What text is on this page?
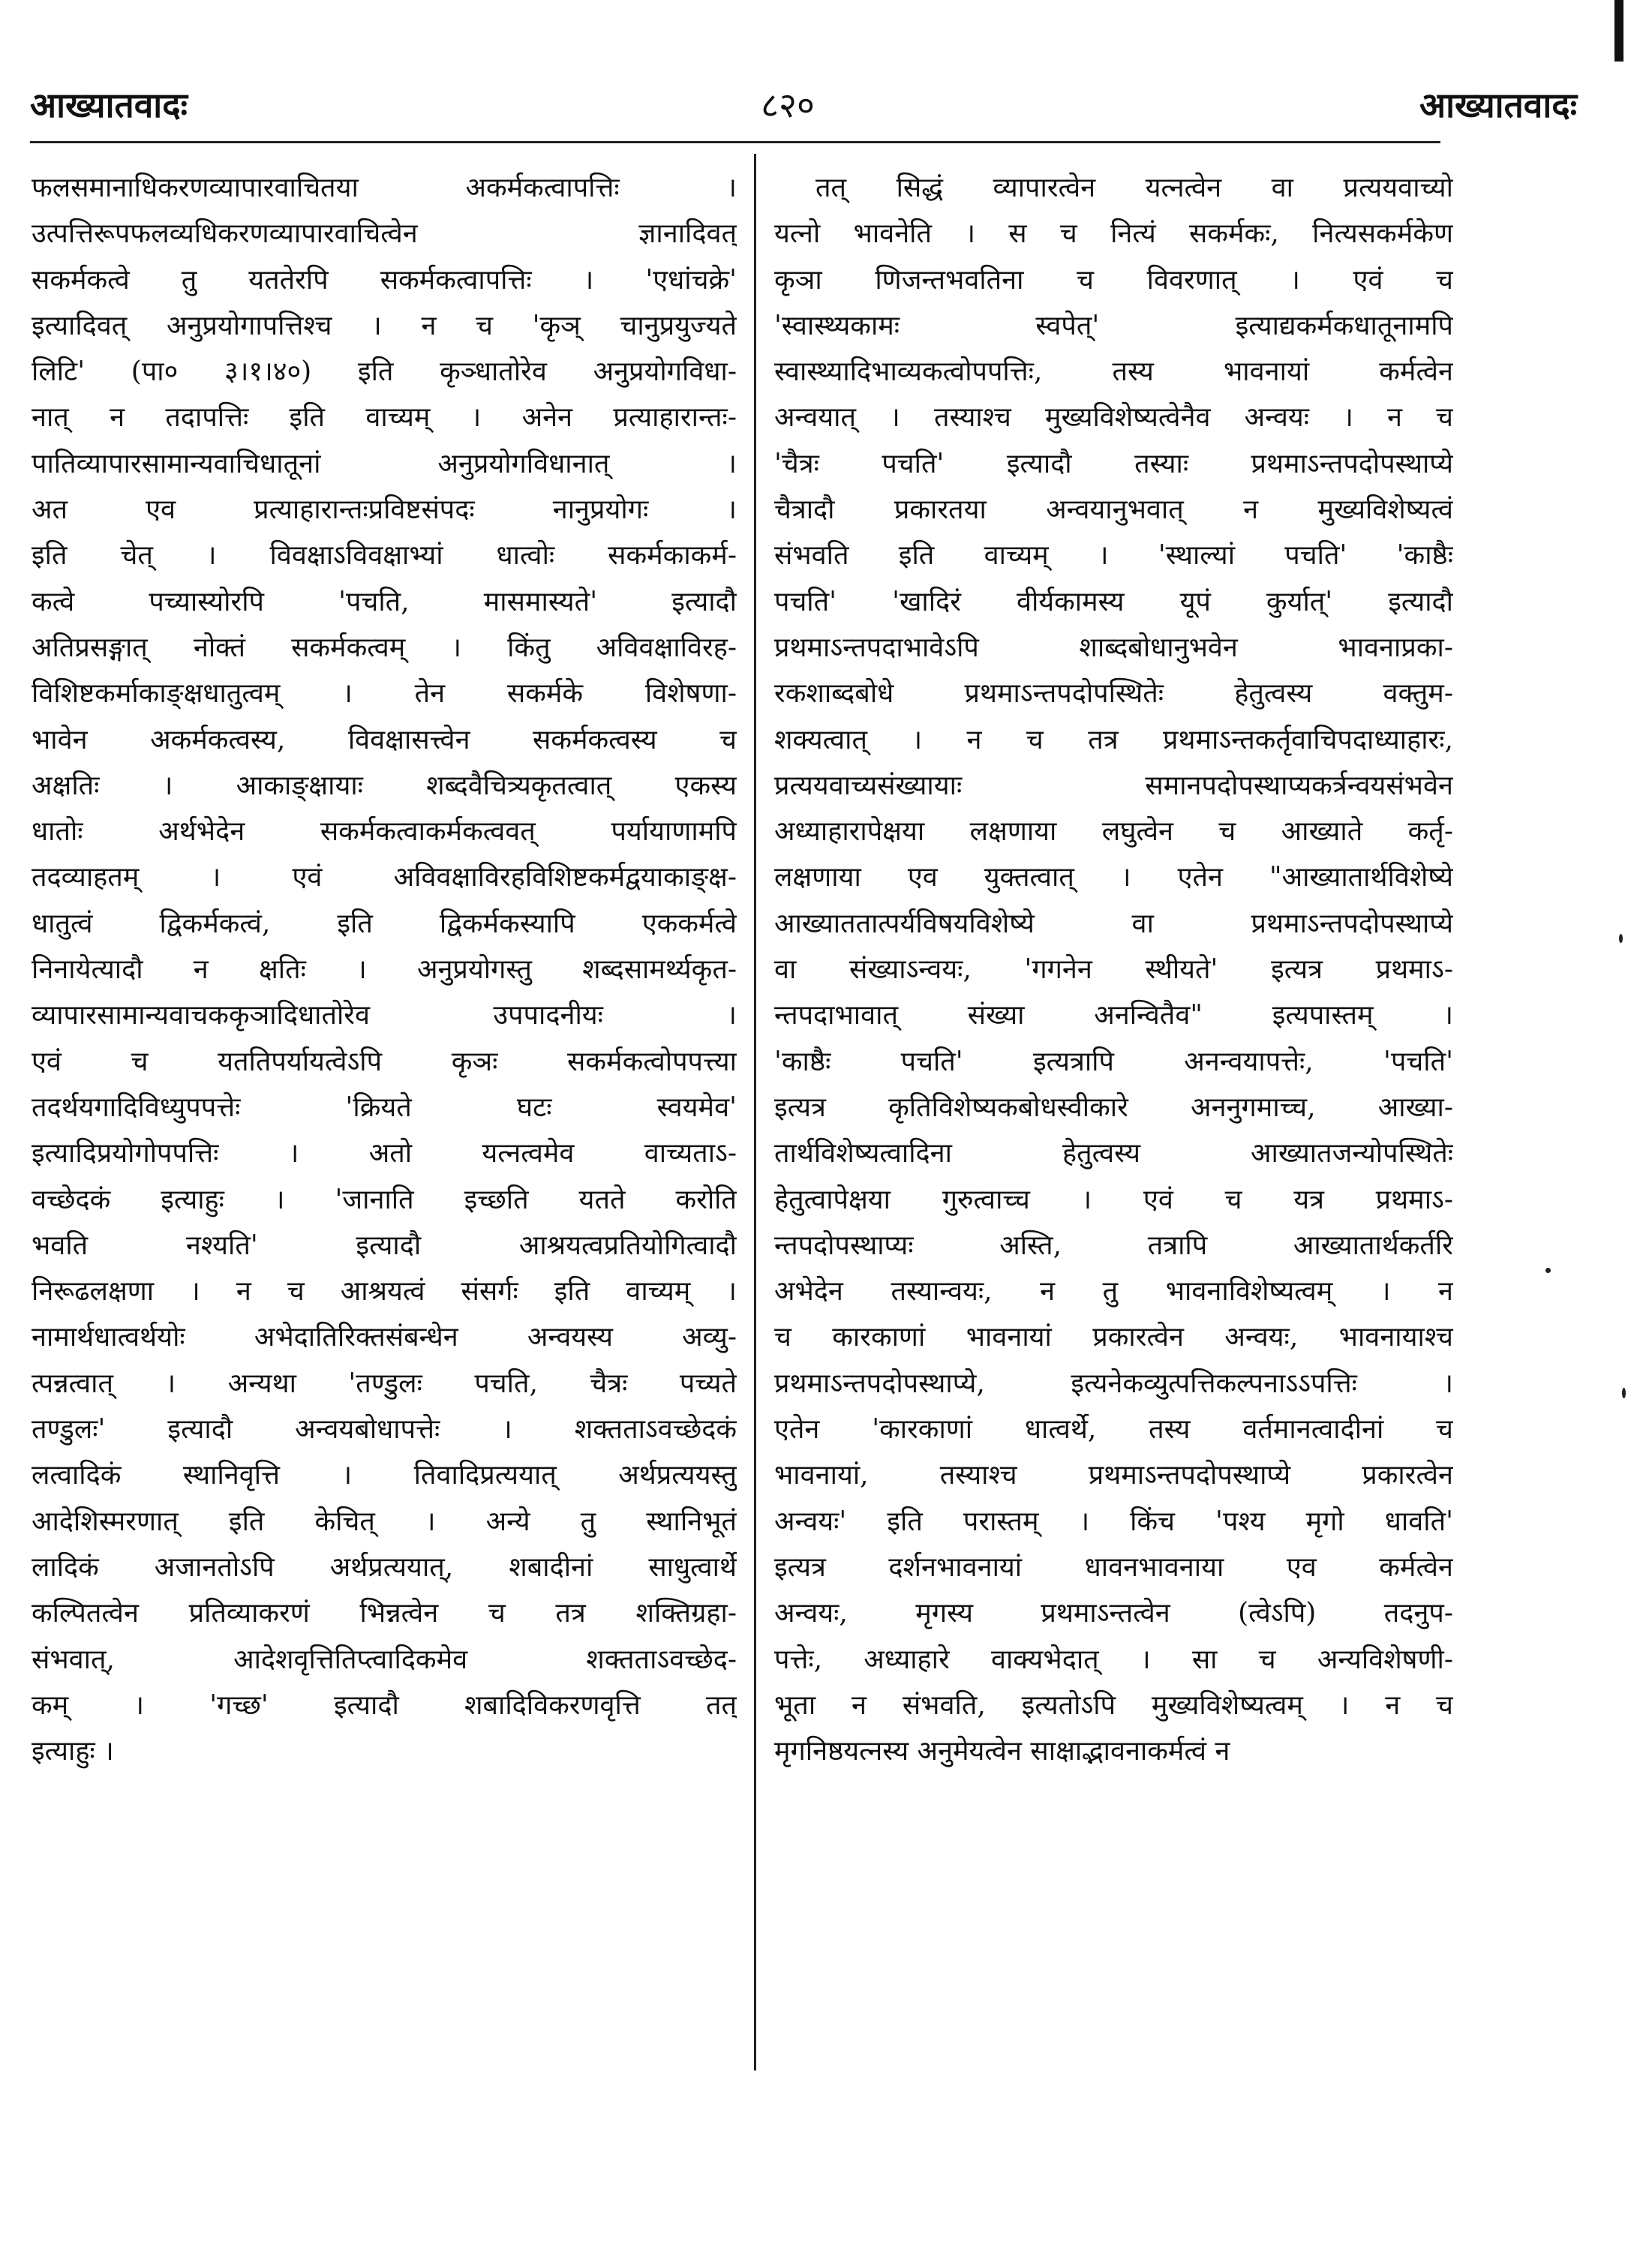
आख्यातवादः	८२०	आख्यातवादः
फलसमानाधिकरणव्यापारवाचितया अकर्मकत्वापत्तिः ।
उत्पत्तिरूपफलव्यधिकरणव्यापारवाचित्वेन ज्ञानादिवत्
सकर्मकत्वे तु यततेरपि सकर्मकत्वापत्तिः । 'एधांचक्रे'
इत्यादिवत् अनुप्रयोगापत्तिश्च । न च 'कृञ् चानुप्रयुज्यते
लिटि' (पा० ३।१।४०) इति कृञ्धातोरेव अनुप्रयोगविधा-
नात् न तदापत्तिः इति वाच्यम् । अनेन प्रत्याहारान्तः-
पातिव्यापारसामान्यवाचिधातूनां अनुप्रयोगविधानात् ।
अत एव प्रत्याहारान्तःप्रविष्टसंपदः नानुप्रयोगः ।
इति चेत् । विवक्षाऽविवक्षाभ्यां धात्वोः सकर्मकाकर्म-
कत्वे पच्यास्योरपि 'पचति, मासमास्यते' इत्यादौ
अतिप्रसङ्गात् नोक्तं सकर्मकत्वम् । किंतु अविवक्षाविरह-
विशिष्टकर्माकाङ्क्षधातुत्वम् । तेन सकर्मके विशेषणा-
भावेन अकर्मकत्वस्य, विवक्षासत्त्वेन सकर्मकत्वस्य च
अक्षतिः । आकाङ्क्षायाः शब्दवैचित्र्यकृतत्वात् एकस्य
धातोः अर्थभेदेन सकर्मकत्वाकर्मकत्ववत् पर्यायाणामपि
तदव्याहतम् । एवं अविवक्षाविरहविशिष्टकर्मद्वयाकाङ्क्ष-
धातुत्वं द्विकर्मकत्वं, इति द्विकर्मकस्यापि एककर्मत्वे
निनायेत्यादौ न क्षतिः । अनुप्रयोगस्तु शब्दसामर्थ्यकृत-
व्यापारसामान्यवाचककृञादिधातोरेव उपपादनीयः ।
एवं च यततिपर्यायत्वेऽपि कृञः सकर्मकत्वोपपत्त्या
तदर्थयगादिविध्युपपत्तेः 'क्रियते घटः स्वयमेव'
इत्यादिप्रयोगोपपत्तिः । अतो यत्नत्वमेव वाच्यताऽ-
वच्छेदकं इत्याहुः । 'जानाति इच्छति यतते करोति
भवति नश्यति' इत्यादौ आश्रयत्वप्रतियोगित्वादौ
निरूढलक्षणा । न च आश्रयत्वं संसर्गः इति वाच्यम् ।
नामार्थधात्वर्थयोः अभेदातिरिक्तसंबन्धेन अन्वयस्य अव्यु-
त्पन्नत्वात् । अन्यथा 'तण्डुलः पचति, चैत्रः पच्यते
तण्डुलः' इत्यादौ अन्वयबोधापत्तेः । शक्तताऽवच्छेदकं
लत्वादिकं स्थानिवृत्ति । तिवादिप्रत्ययात् अर्थप्रत्ययस्तु
आदेशिस्मरणात् इति केचित् । अन्ये तु स्थानिभूतं
लादिकं अजानतोऽपि अर्थप्रत्ययात्, शबादीनां साधुत्वार्थे
कल्पितत्वेन प्रतिव्याकरणं भिन्नत्वेन च तत्र शक्तिग्रहा-
संभवात्, आदेशवृत्तितिप्त्वादिकमेव शक्तताऽवच्छेद-
कम् । 'गच्छ' इत्यादौ शबादिविकरणवृत्ति तत्
इत्याहुः ।
तत् सिद्धं व्यापारत्वेन यत्नत्वेन वा प्रत्ययवाच्यो
यत्नो भावनेति । स च नित्यं सकर्मकः, नित्यसकर्मकेण
कृञा णिजन्तभवतिना च विवरणात् । एवं च
'स्वास्थ्यकामः स्वपेत्' इत्याद्यकर्मकधातूनामपि
स्वास्थ्यादिभाव्यकत्वोपपत्तिः, तस्य भावनायां कर्मत्वेन
अन्वयात् । तस्याश्च मुख्यविशेष्यत्वेनैव अन्वयः । न च
'चैत्रः पचति' इत्यादौ तस्याः प्रथमाऽन्तपदोपस्थाप्ये
चैत्रादौ प्रकारतया अन्वयानुभवात् न मुख्यविशेष्यत्वं
संभवति इति वाच्यम् । 'स्थाल्यां पचति' 'काष्ठैः
पचति' 'खादिरं वीर्यकामस्य यूपं कुर्यात्' इत्यादौ
प्रथमाऽन्तपदाभावेऽपि शाब्दबोधानुभवेन भावनाप्रका-
रकशाब्दबोधे प्रथमाऽन्तपदोपस्थितेः हेतुत्वस्य वक्तुम-
शक्यत्वात् । न च तत्र प्रथमाऽन्तकर्तृवाचिपदाध्याहारः,
प्रत्ययवाच्यसंख्यायाः समानपदोपस्थाप्यकर्त्रन्वयसंभवेन
अध्याहारापेक्षया लक्षणाया लघुत्वेन च आख्याते कर्तृ-
लक्षणाया एव युक्तत्वात् । एतेन "आख्यातार्थविशेष्ये
आख्याततात्पर्यविषयविशेष्ये वा प्रथमाऽन्तपदोपस्थाप्ये
वा संख्याऽन्वयः, 'गगनेन स्थीयते' इत्यत्र प्रथमाऽ-
न्तपदाभावात् संख्या अनन्वितैव" इत्यपास्तम् ।
'काष्ठैः पचति' इत्यत्रापि अनन्वयापत्तेः, 'पचति'
इत्यत्र कृतिविशेष्यकबोधस्वीकारे अननुगमाच्च, आख्या-
तार्थविशेष्यत्वादिना हेतुत्वस्य आख्यातजन्योपस्थितेः
हेतुत्वापेक्षया गुरुत्वाच्च । एवं च यत्र प्रथमाऽ-
न्तपदोपस्थाप्यः अस्ति, तत्रापि आख्यातार्थकर्तरि
अभेदेन तस्यान्वयः, न तु भावनाविशेष्यत्वम् । न
च कारकाणां भावनायां प्रकारत्वेन अन्वयः, भावनायाश्च
प्रथमाऽन्तपदोपस्थाप्ये, इत्यनेकव्युत्पत्तिकल्पनाऽऽपत्तिः ।
एतेन 'कारकाणां धात्वर्थे, तस्य वर्तमानत्वादीनां च
भावनायां, तस्याश्च प्रथमाऽन्तपदोपस्थाप्ये प्रकारत्वेन
अन्वयः' इति परास्तम् । किंच 'पश्य मृगो धावति'
इत्यत्र दर्शनभावनायां धावनभावनाया एव कर्मत्वेन
अन्वयः, मृगस्य प्रथमाऽन्तत्वेन (त्वेऽपि) तदनुप-
पत्तेः, अध्याहारे वाक्यभेदात् । सा च अन्यविशेषणी-
भूता न संभवति, इत्यतोऽपि मुख्यविशेष्यत्वम् । न च
मृगनिष्ठयत्नस्य अनुमेयत्वेन साक्षाद्भावनाकर्मत्वं न
